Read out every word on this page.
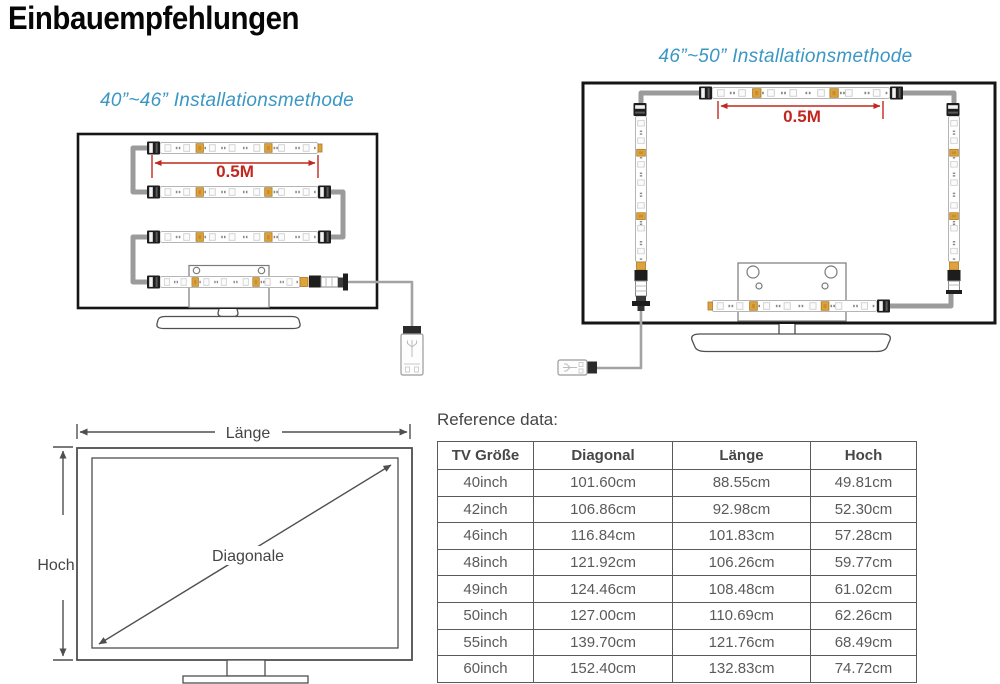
Einbauempfehlungen
40”~46” Installationsmethode
46”~50” Installationsmethode
0.5M
0.5M
Diagonale
Länge
Hoch
Reference data:
TV Größe	Diagonal	Länge	Hoch
40inch	101.60cm	88.55cm	49.81cm
42inch	106.86cm	92.98cm	52.30cm
46inch	116.84cm	101.83cm	57.28cm
48inch	121.92cm	106.26cm	59.77cm
49inch	124.46cm	108.48cm	61.02cm
50inch	127.00cm	110.69cm	62.26cm
55inch	139.70cm	121.76cm	68.49cm
60inch	152.40cm	132.83cm	74.72cm
